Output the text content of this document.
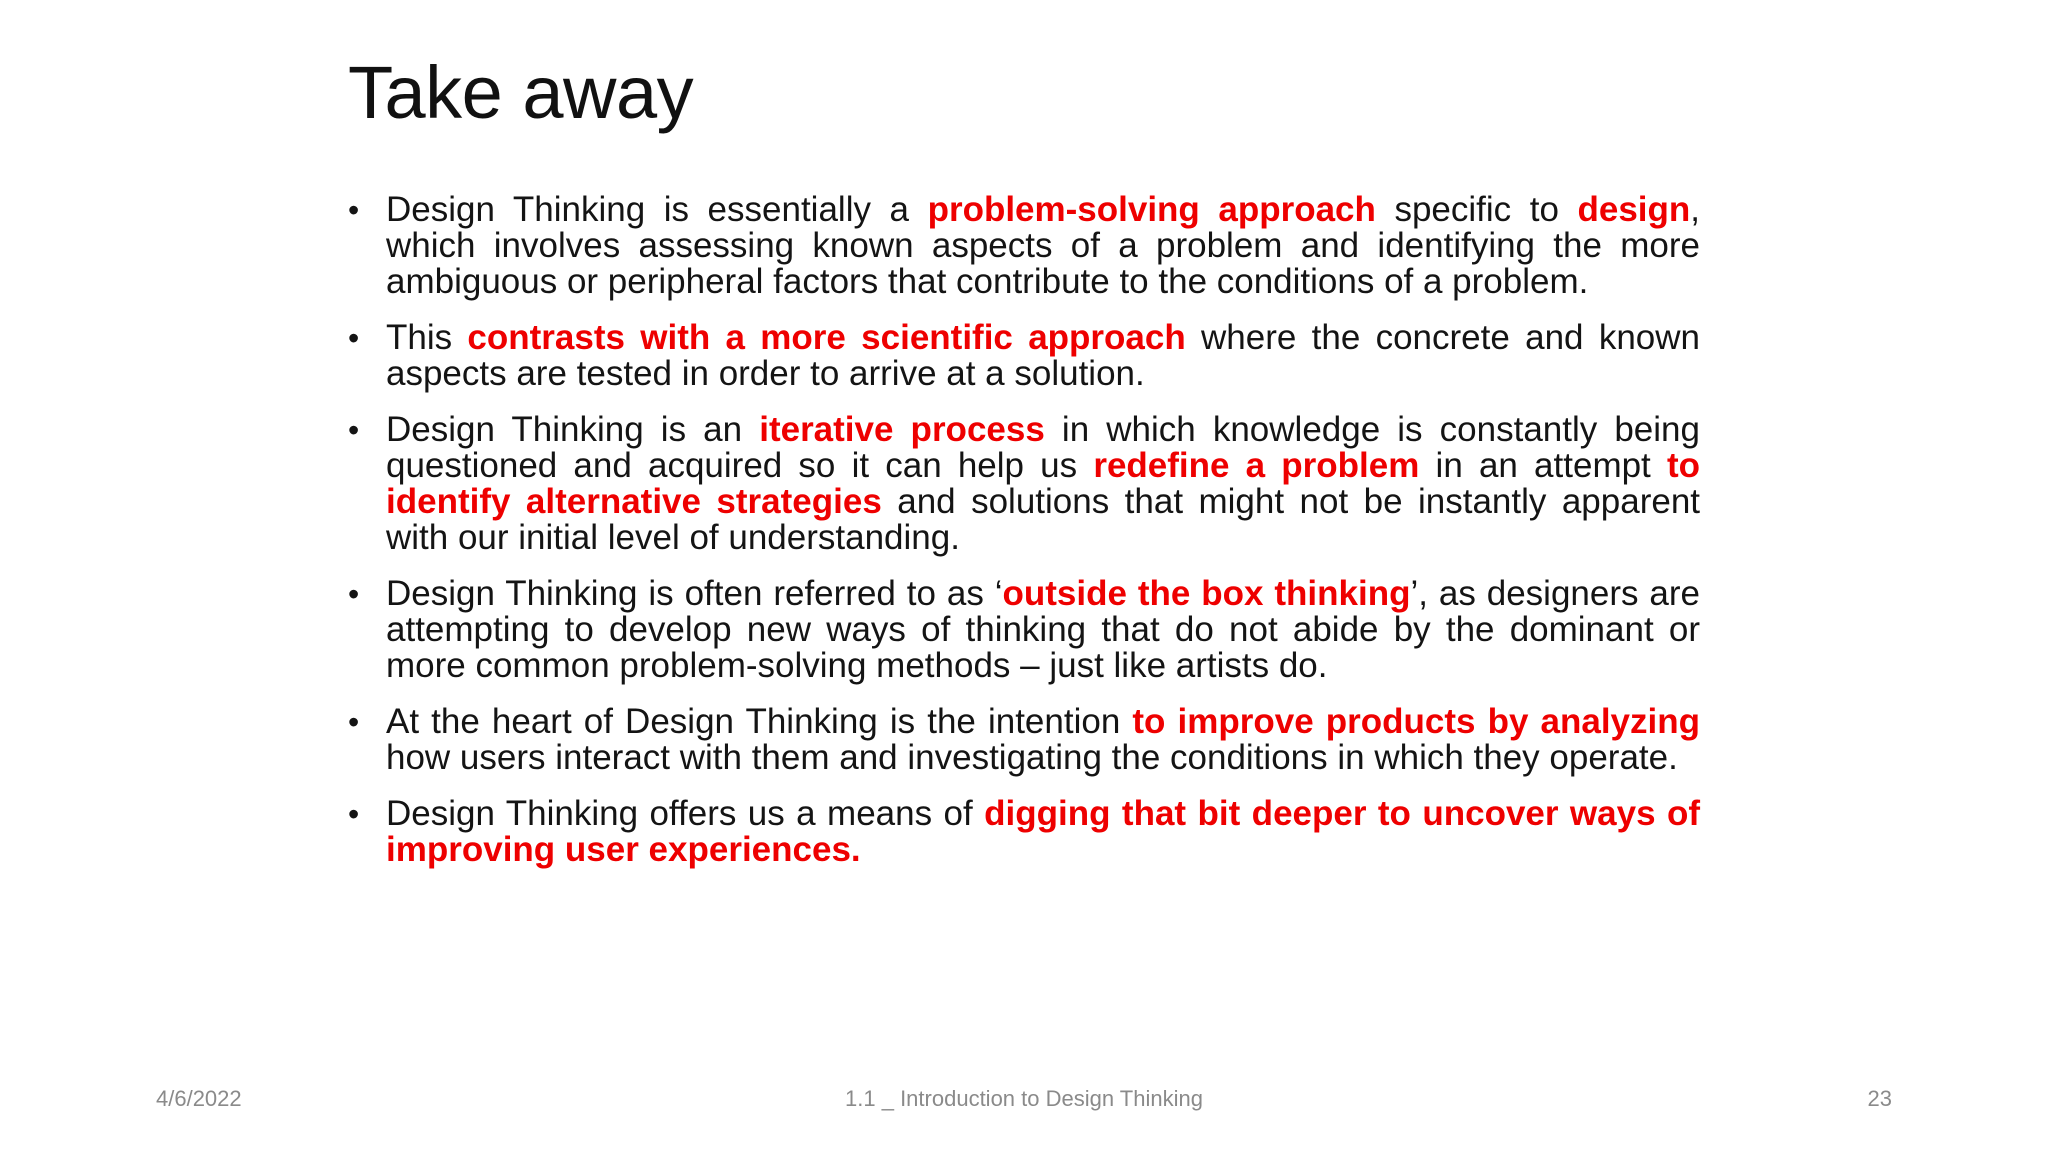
Take away
• Design Thinking is essentially a problem-solving approach specific to design, which involves assessing known aspects of a problem and identifying the more ambiguous or peripheral factors that contribute to the conditions of a problem.
• This contrasts with a more scientific approach where the concrete and known aspects are tested in order to arrive at a solution.
• Design Thinking is an iterative process in which knowledge is constantly being questioned and acquired so it can help us redefine a problem in an attempt to identify alternative strategies and solutions that might not be instantly apparent with our initial level of understanding.
• Design Thinking is often referred to as ‘outside the box thinking’, as designers are attempting to develop new ways of thinking that do not abide by the dominant or more common problem-solving methods – just like artists do.
• At the heart of Design Thinking is the intention to improve products by analyzing how users interact with them and investigating the conditions in which they operate.
• Design Thinking offers us a means of digging that bit deeper to uncover ways of improving user experiences.
4/6/2022	1.1 _ Introduction to Design Thinking	23
